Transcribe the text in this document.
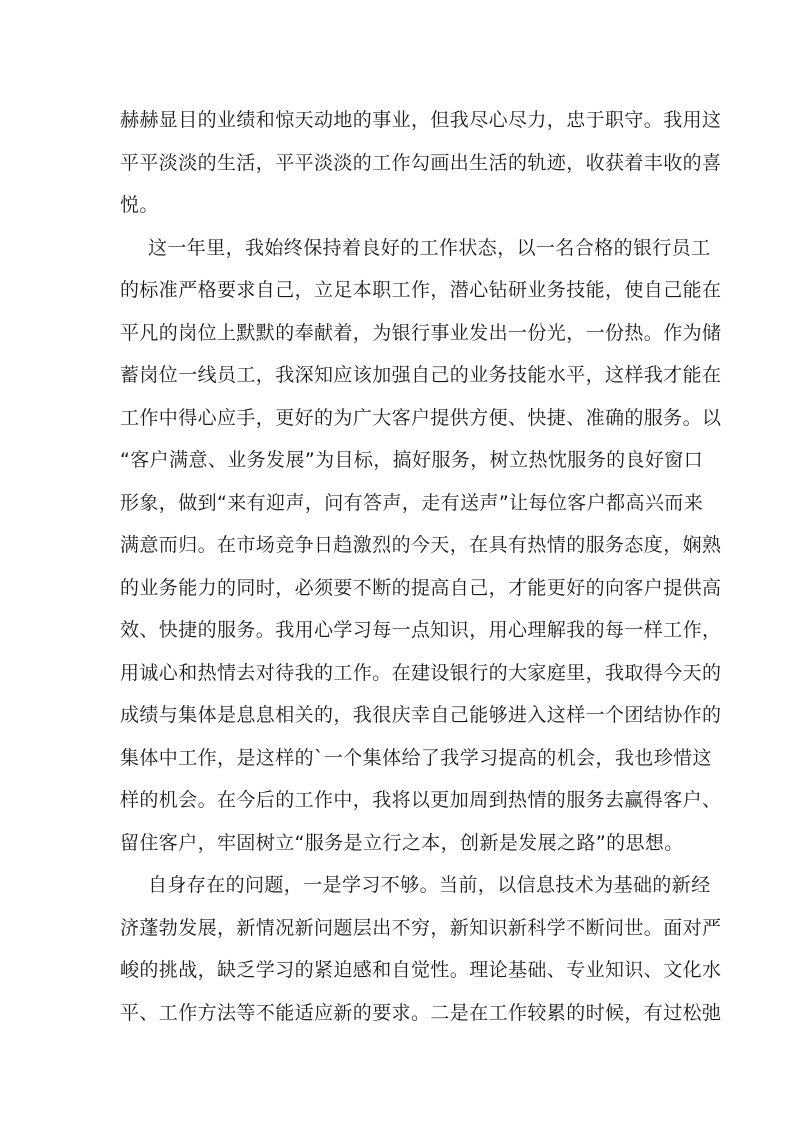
赫赫显目的业绩和惊天动地的事业，但我尽心尽力，忠于职守。我用这
平平淡淡的生活，平平淡淡的工作勾画出生活的轨迹，收获着丰收的喜
悦。
这一年里，我始终保持着良好的工作状态，以一名合格的银行员工
的标准严格要求自己，立足本职工作，潜心钻研业务技能，使自己能在
平凡的岗位上默默的奉献着，为银行事业发出一份光，一份热。作为储
蓄岗位一线员工，我深知应该加强自己的业务技能水平，这样我才能在
工作中得心应手，更好的为广大客户提供方便、快捷、准确的服务。以
“客户满意、业务发展”为目标，搞好服务，树立热忱服务的良好窗口
形象，做到“来有迎声，问有答声，走有送声”让每位客户都高兴而来
满意而归。在市场竞争日趋激烈的今天，在具有热情的服务态度，娴熟
的业务能力的同时，必须要不断的提高自己，才能更好的向客户提供高
效、快捷的服务。我用心学习每一点知识，用心理解我的每一样工作，
用诚心和热情去对待我的工作。在建设银行的大家庭里，我取得今天的
成绩与集体是息息相关的，我很庆幸自己能够进入这样一个团结协作的
集体中工作，是这样的`一个集体给了我学习提高的机会，我也珍惜这
样的机会。在今后的工作中，我将以更加周到热情的服务去赢得客户、
留住客户，牢固树立“服务是立行之本，创新是发展之路”的思想。
自身存在的问题，一是学习不够。当前，以信息技术为基础的新经
济蓬勃发展，新情况新问题层出不穷，新知识新科学不断问世。面对严
峻的挑战，缺乏学习的紧迫感和自觉性。理论基础、专业知识、文化水
平、工作方法等不能适应新的要求。二是在工作较累的时候，有过松弛
